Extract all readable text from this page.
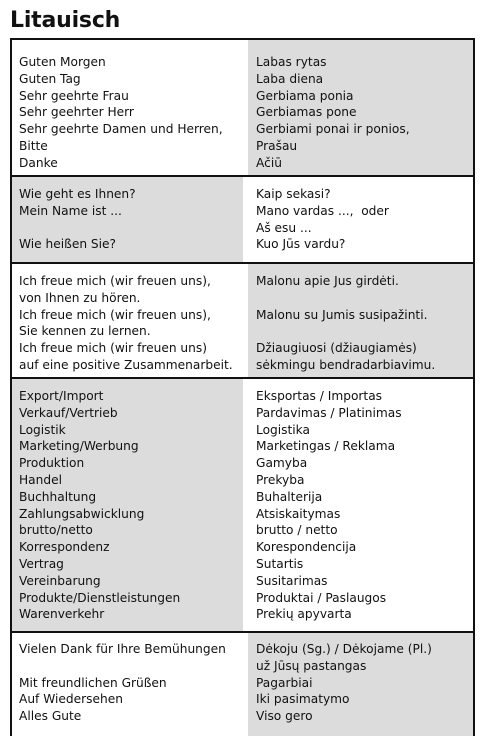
Litauisch
Guten Morgen
Guten Tag
Sehr geehrte Frau
Sehr geehrter Herr
Sehr geehrte Damen und Herren,
Bitte
Danke
Labas rytas
Laba diena
Gerbiama ponia
Gerbiamas pone
Gerbiami ponai ir ponios,
Prašau
Ačiū
Wie geht es Ihnen?
Mein Name ist ...
Wie heißen Sie?
Kaip sekasi?
Mano vardas ...,  oder
Aš esu ...
Kuo Jūs vardu?
Ich freue mich (wir freuen uns),
von Ihnen zu hören.
Ich freue mich (wir freuen uns),
Sie kennen zu lernen.
Ich freue mich (wir freuen uns)
auf eine positive Zusammenarbeit.
Malonu apie Jus girdėti.
Malonu su Jumis susipažinti.
Džiaugiuosi (džiaugiamės)
sėkmingu bendradarbiavimu.
Export/Import
Verkauf/Vertrieb
Logistik
Marketing/Werbung
Produktion
Handel
Buchhaltung
Zahlungsabwicklung
brutto/netto
Korrespondenz
Vertrag
Vereinbarung
Produkte/Dienstleistungen
Warenverkehr
Eksportas / Importas
Pardavimas / Platinimas
Logistika
Marketingas / Reklama
Gamyba
Prekyba
Buhalterija
Atsiskaitymas
brutto / netto
Korespondencija
Sutartis
Susitarimas
Produktai / Paslaugos
Prekių apyvarta
Vielen Dank für Ihre Bemühungen
Mit freundlichen Grüßen
Auf Wiedersehen
Alles Gute
Dėkoju (Sg.) / Dėkojame (Pl.)
už Jūsų pastangas
Pagarbiai
Iki pasimatymo
Viso gero
